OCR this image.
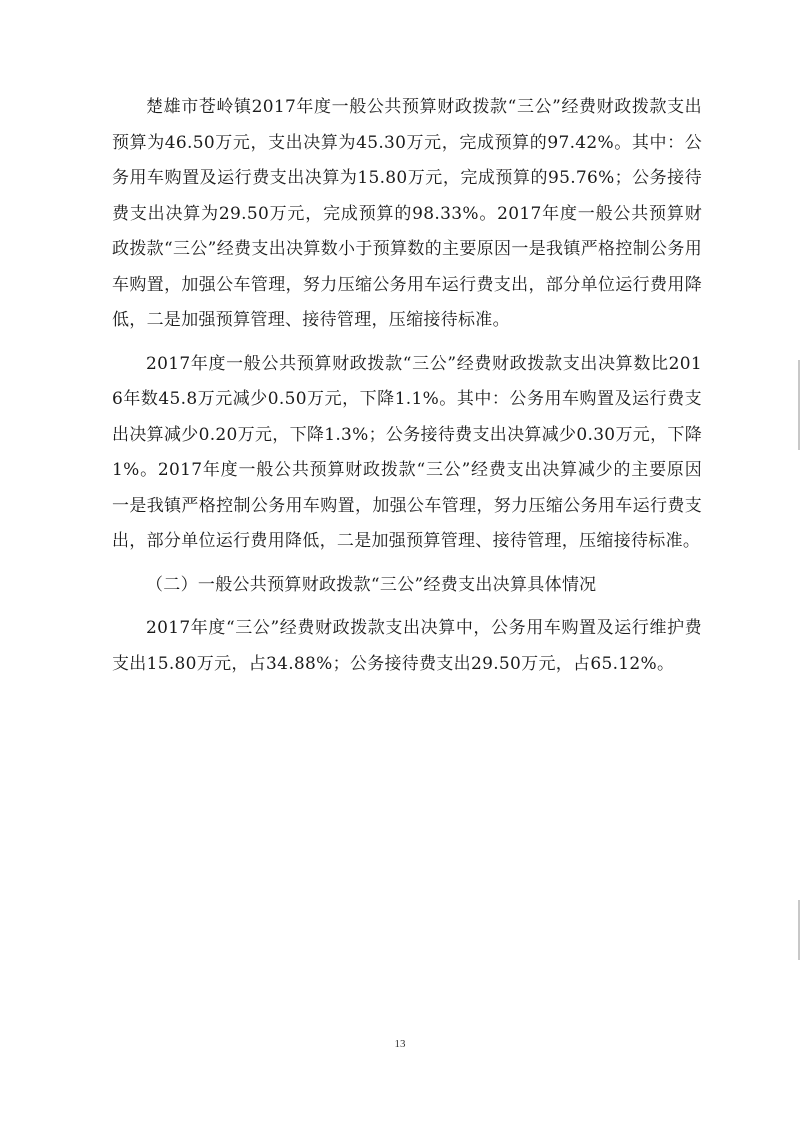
楚雄市苍岭镇2017年度一般公共预算财政拨款“三公”经费财政拨款支出预算为46.50万元，支出决算为45.30万元，完成预算的97.42%。其中：公务用车购置及运行费支出决算为15.80万元，完成预算的95.76%；公务接待费支出决算为29.50万元，完成预算的98.33%。2017年度一般公共预算财政拨款“三公”经费支出决算数小于预算数的主要原因一是我镇严格控制公务用车购置，加强公车管理，努力压缩公务用车运行费支出，部分单位运行费用降低，二是加强预算管理、接待管理，压缩接待标准。

2017年度一般公共预算财政拨款“三公”经费财政拨款支出决算数比2016年数45.8万元减少0.50万元，下降1.1%。其中：公务用车购置及运行费支出决算减少0.20万元，下降1.3%；公务接待费支出决算减少0.30万元，下降1%。2017年度一般公共预算财政拨款“三公”经费支出决算减少的主要原因一是我镇严格控制公务用车购置，加强公车管理，努力压缩公务用车运行费支出，部分单位运行费用降低，二是加强预算管理、接待管理，压缩接待标准。

（二）一般公共预算财政拨款“三公”经费支出决算具体情况

2017年度“三公”经费财政拨款支出决算中，公务用车购置及运行维护费支出15.80万元，占34.88%；公务接待费支出29.50万元，占65.12%。

13
